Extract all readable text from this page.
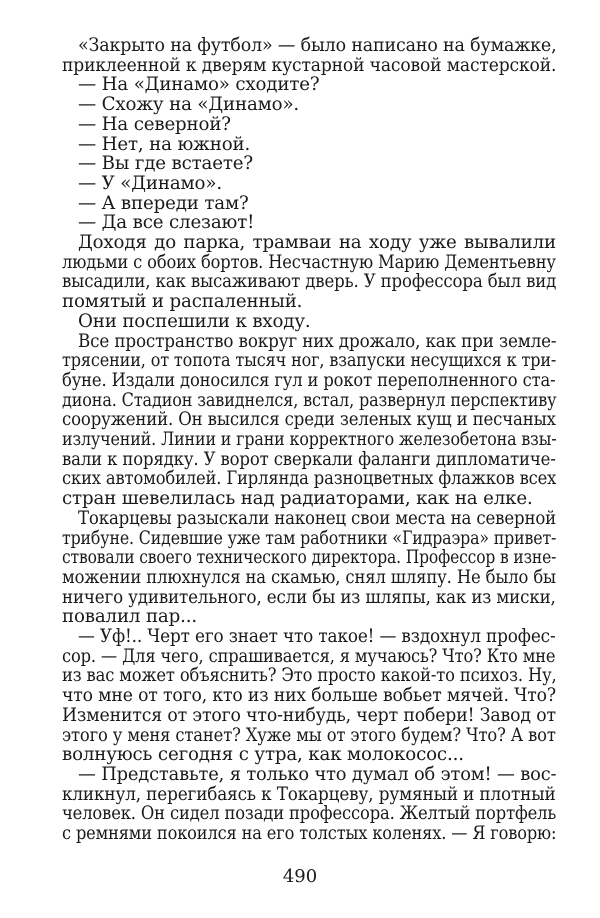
«Закрыто на футбол» — было написано на бумажке,
приклеенной к дверям кустарной часовой мастерской.
— На «Динамо» сходите?
— Схожу на «Динамо».
— На северной?
— Нет, на южной.
— Вы где встаете?
— У «Динамо».
— А впереди там?
— Да все слезают!
Доходя до парка, трамваи на ходу уже вывалили
людьми с обоих бортов. Несчастную Марию Дементьевну
высадили, как высаживают дверь. У профессора был вид
помятый и распаленный.
Они поспешили к входу.
Все пространство вокруг них дрожало, как при земле-
трясении, от топота тысяч ног, взапуски несущихся к три-
буне. Издали доносился гул и рокот переполненного ста-
диона. Стадион завиднелся, встал, развернул перспективу
сооружений. Он высился среди зеленых кущ и песчаных
излучений. Линии и грани корректного железобетона взы-
вали к порядку. У ворот сверкали фаланги дипломатиче-
ских автомобилей. Гирлянда разноцветных флажков всех
стран шевелилась над радиаторами, как на елке.
Токарцевы разыскали наконец свои места на северной
трибуне. Сидевшие уже там работники «Гидраэра» привет-
ствовали своего технического директора. Профессор в изне-
можении плюхнулся на скамью, снял шляпу. Не было бы
ничего удивительного, если бы из шляпы, как из миски,
повалил пар...
— Уф!.. Черт его знает что такое! — вздохнул профес-
сор. — Для чего, спрашивается, я мучаюсь? Что? Кто мне
из вас может объяснить? Это просто какой-то психоз. Ну,
что мне от того, кто из них больше вобьет мячей. Что?
Изменится от этого что-нибудь, черт побери! Завод от
этого у меня станет? Хуже мы от этого будем? Что? А вот
волнуюсь сегодня с утра, как молокосос...
— Представьте, я только что думал об этом! — вос-
кликнул, перегибаясь к Токарцеву, румяный и плотный
человек. Он сидел позади профессора. Желтый портфель
с ремнями покоился на его толстых коленях. — Я говорю:
490
